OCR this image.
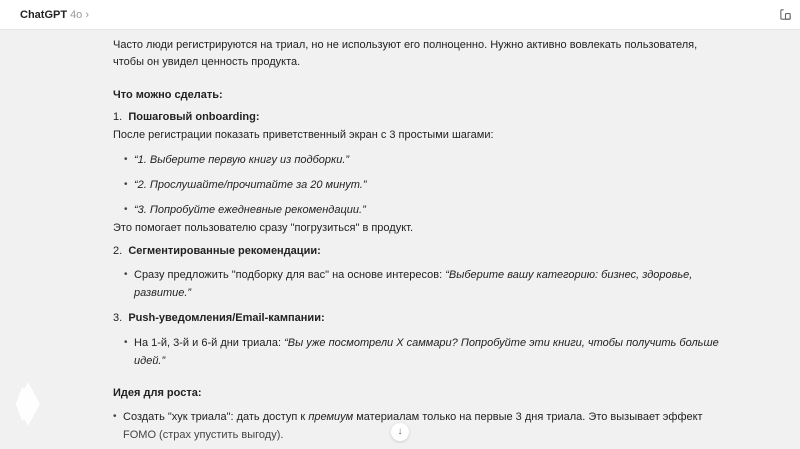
ChatGPT 4o ›
Часто люди регистрируются на триал, но не используют его полноценно. Нужно активно вовлекать пользователя,
чтобы он увидел ценность продукта.
Что можно сделать:
1. Пошаговый onboarding:
После регистрации показать приветственный экран с 3 простыми шагами:
• “1. Выберите первую книгу из подборки.”
• “2. Прослушайте/прочитайте за 20 минут.”
• “3. Попробуйте ежедневные рекомендации.”
Это помогает пользователю сразу "погрузиться" в продукт.
2. Сегментированные рекомендации:
• Сразу предложить "подборку для вас" на основе интересов: “Выберите вашу категорию: бизнес, здоровье,
развитие.”
3. Push-уведомления/Email-кампании:
• На 1-й, 3-й и 6-й дни триала: “Вы уже посмотрели X саммари? Попробуйте эти книги, чтобы получить больше
идей.”
Идея для роста:
• Создать "хук триала": дать доступ к премиум материалам только на первые 3 дня триала. Это вызывает эффект
FOMO (страх упустить выгоду).	↓
